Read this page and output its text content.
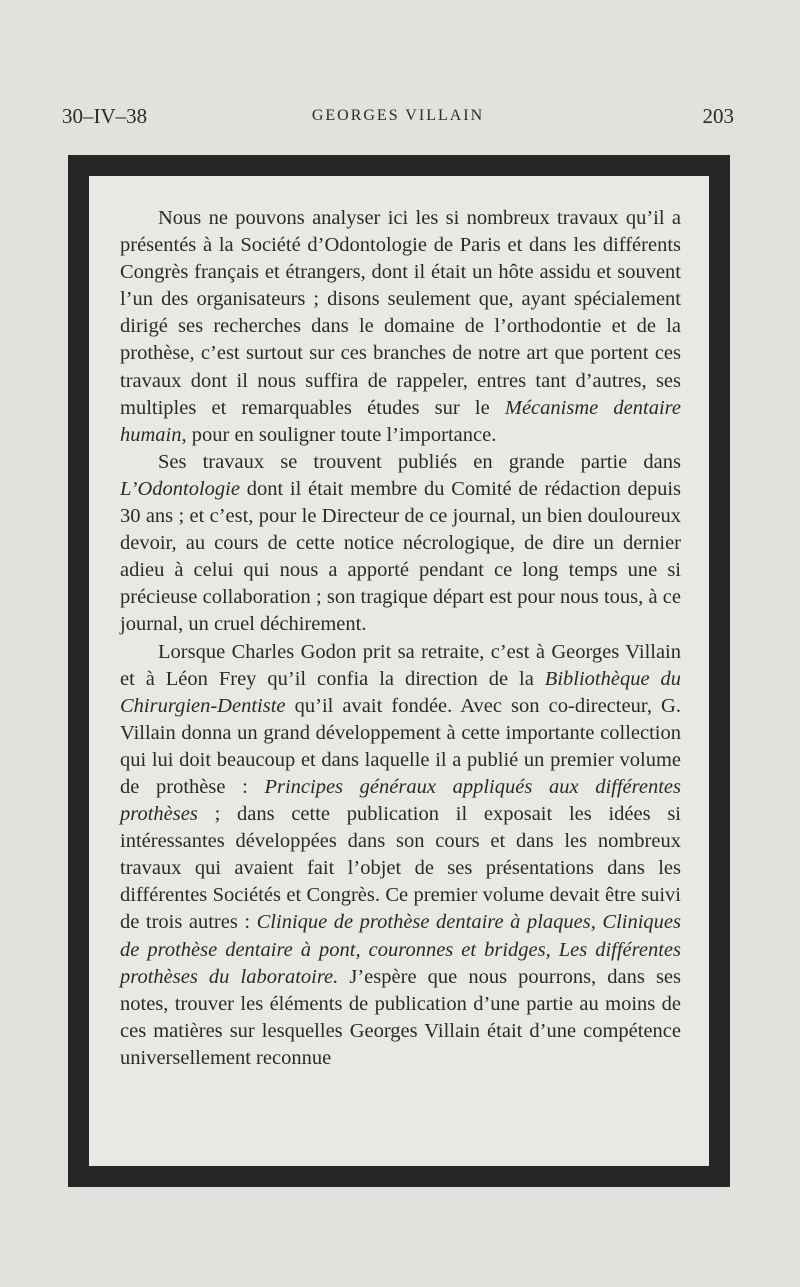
30–IV–38	GEORGES VILLAIN	203

Nous ne pouvons analyser ici les si nombreux travaux qu’il a présentés à la Société d’Odontologie de Paris et dans les différents Congrès français et étrangers, dont il était un hôte assidu et souvent l’un des organisateurs ; disons seulement que, ayant spécialement dirigé ses recherches dans le domaine de l’orthodontie et de la prothèse, c’est surtout sur ces branches de notre art que portent ces travaux dont il nous suffira de rappeler, entres tant d’autres, ses multiples et remarquables études sur le Mécanisme dentaire humain, pour en souligner toute l’importance.

Ses travaux se trouvent publiés en grande partie dans L’Odontologie dont il était membre du Comité de rédaction depuis 30 ans ; et c’est, pour le Directeur de ce journal, un bien douloureux devoir, au cours de cette notice nécrologique, de dire un dernier adieu à celui qui nous a apporté pendant ce long temps une si précieuse collaboration ; son tragique départ est pour nous tous, à ce journal, un cruel déchirement.

Lorsque Charles Godon prit sa retraite, c’est à Georges Villain et à Léon Frey qu’il confia la direction de la Bibliothèque du Chirurgien-Dentiste qu’il avait fondée. Avec son co-directeur, G. Villain donna un grand développement à cette importante collection qui lui doit beaucoup et dans laquelle il a publié un premier volume de prothèse : Principes généraux appliqués aux différentes prothèses ; dans cette publication il exposait les idées si intéressantes développées dans son cours et dans les nombreux travaux qui avaient fait l’objet de ses présentations dans les différentes Sociétés et Congrès. Ce premier volume devait être suivi de trois autres : Clinique de prothèse dentaire à plaques, Cliniques de prothèse dentaire à pont, couronnes et bridges, Les différentes prothèses du laboratoire. J’espère que nous pourrons, dans ses notes, trouver les éléments de publication d’une partie au moins de ces matières sur lesquelles Georges Villain était d’une compétence universellement reconnue
